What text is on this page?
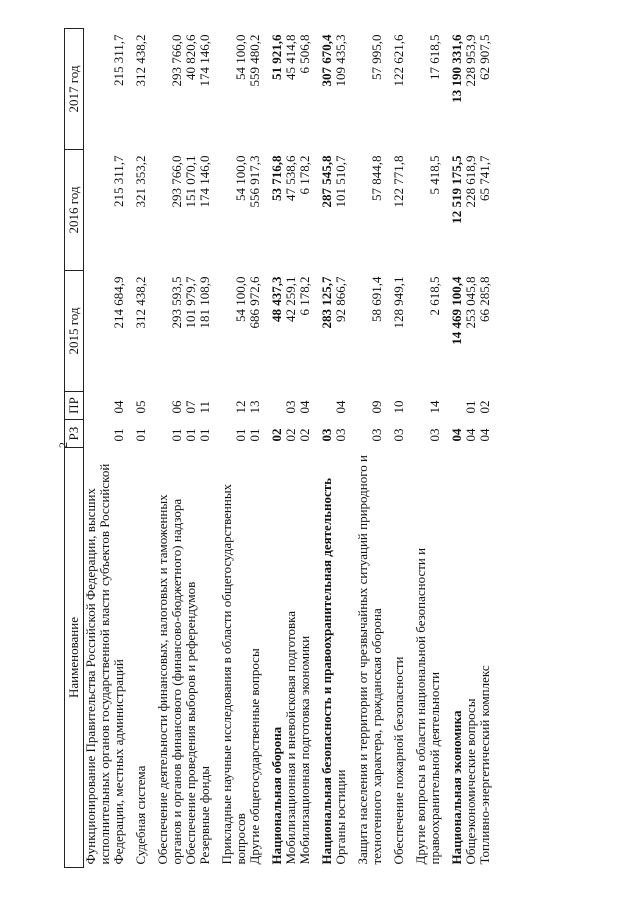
2
Наименование	РЗ	ПР	2015 год	2016 год	2017 год

Функционирование Правительства Российской Федерации, высших исполнительных органов государственной власти субъектов Российской Федерации, местных администраций	01	04	214 684,9	215 311,7	215 311,7

Судебная система	01	05	312 438,2	321 353,2	312 438,2

Обеспечение деятельности финансовых, налоговых и таможенных органов и органов финансового (финансово-бюджетного) надзора	01	06	293 593,5	293 766,0	293 766,0

Обеспечение проведения выборов и референдумов	01	07	101 979,7	151 070,1	40 820,6

Резервные фонды	01	11	181 108,9	174 146,0	174 146,0

Прикладные научные исследования в области общегосударственных вопросов	01	12	54 100,0	54 100,0	54 100,0

Другие общегосударственные вопросы	01	13	686 972,6	556 917,3	559 480,2

Национальная оборона	02		48 437,3	53 716,8	51 921,6

Мобилизационная и вневойсковая подготовка	02	03	42 259,1	47 538,6	45 414,8

Мобилизационная подготовка экономики	02	04	6 178,2	6 178,2	6 506,8

Национальная безопасность и правоохранительная деятельность	03		283 125,7	287 545,8	307 670,4

Органы юстиции	03	04	92 866,7	101 510,7	109 435,3

Защита населения и территории от чрезвычайных ситуаций природного и техногенного характера, гражданская оборона	03	09	58 691,4	57 844,8	57 995,0

Обеспечение пожарной безопасности	03	10	128 949,1	122 771,8	122 621,6

Другие вопросы в области национальной безопасности и правоохранительной деятельности	03	14	2 618,5	5 418,5	17 618,5

Национальная экономика	04		14 469 100,4	12 519 175,5	13 190 331,6

Общеэкономические вопросы	04	01	253 045,8	228 618,9	228 953,9

Топливно-энергетический комплекс	04	02	66 285,8	65 741,7	62 907,5
